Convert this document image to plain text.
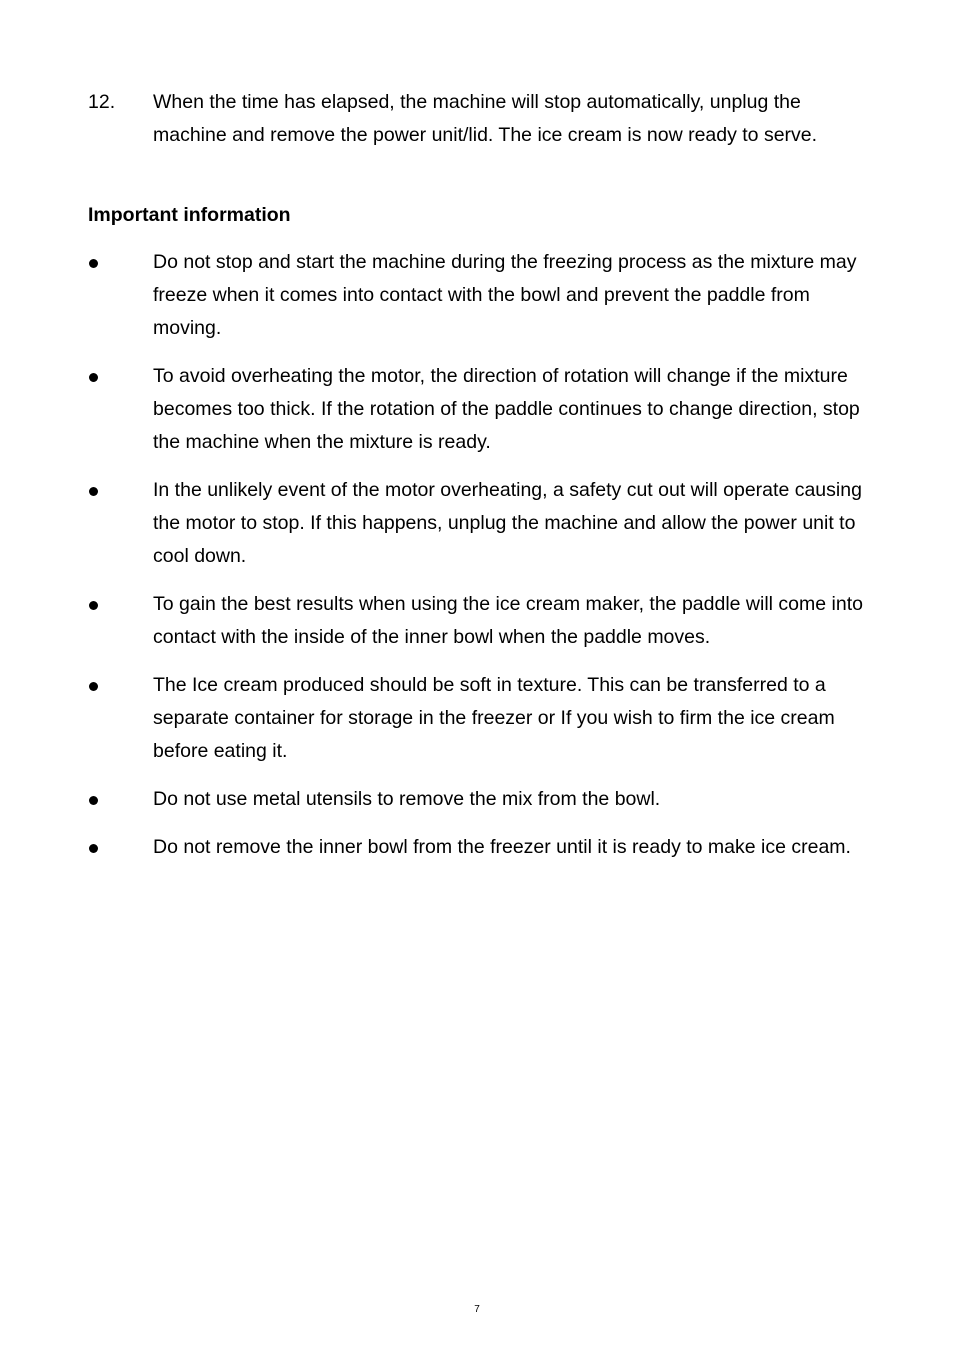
12.	When the time has elapsed, the machine will stop automatically, unplug the machine and remove the power unit/lid. The ice cream is now ready to serve.
Important information
Do not stop and start the machine during the freezing process as the mixture may freeze when it comes into contact with the bowl and prevent the paddle from moving.
To avoid overheating the motor, the direction of rotation will change if the mixture becomes too thick. If the rotation of the paddle continues to change direction, stop the machine when the mixture is ready.
In the unlikely event of the motor overheating, a safety cut out will operate causing the motor to stop. If this happens, unplug the machine and allow the power unit to cool down.
To gain the best results when using the ice cream maker, the paddle will come into contact with the inside of the inner bowl when the paddle moves.
The Ice cream produced should be soft in texture. This can be transferred to a separate container for storage in the freezer or If you wish to firm the ice cream before eating it.
Do not use metal utensils to remove the mix from the bowl.
Do not remove the inner bowl from the freezer until it is ready to make ice cream.
7
